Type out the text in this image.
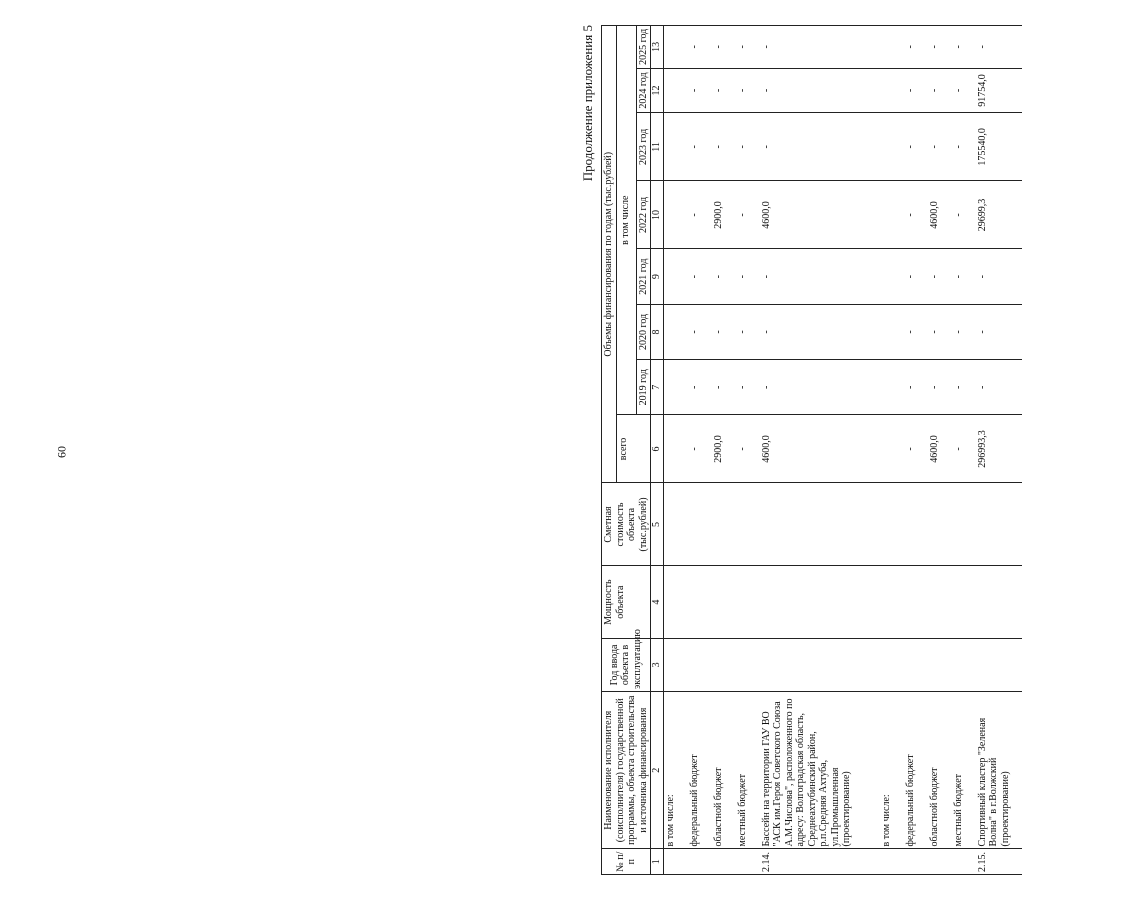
60
Продолжение приложения 5
№ п/п	Наименование исполнителя (соисполнителя) государственной программы, объекта строительства и источника финансирования	Год ввода объекта в эксплуатацию	Мощность объекта	Сметная стоимость объекта (тыс.рублей)	Объемы финансирования по годам (тыс.рублей)							
					всего	в том числе						
						2019 год	2020 год	2021 год	2022 год	2023 год	2024 год	2025 год
1	2	3	4	5	6	7	8	9	10	11	12	13
	в том числе:											
	федеральный бюджет				-	-	-	-	-	-	-	-
	областной бюджет				2900,0	-	-	-	2900,0	-	-	-
	местный бюджет				-	-	-	-	-	-	-	-
2.14.	Бассейн на территории ГАУ ВО "АСК им.Героя Советского Союза А.М.Числова", расположенного по адресу: Волгоградская область, Среднеахтубинский район, р.п.Средняя Ахтуба, ул.Промышленная (проектирование)				4600,0	-	-	-	4600,0	-	-	-
	в том числе:											
	федеральный бюджет				-	-	-	-	-	-	-	-
	областной бюджет				4600,0	-	-	-	4600,0	-	-	-
	местный бюджет				-	-	-	-	-	-	-	-
2.15.	Спортивный кластер "Зеленая Волна" в г.Волжский (проектирование)				296993,3	-	-	-	29699,3	175540,0	91754,0	-
